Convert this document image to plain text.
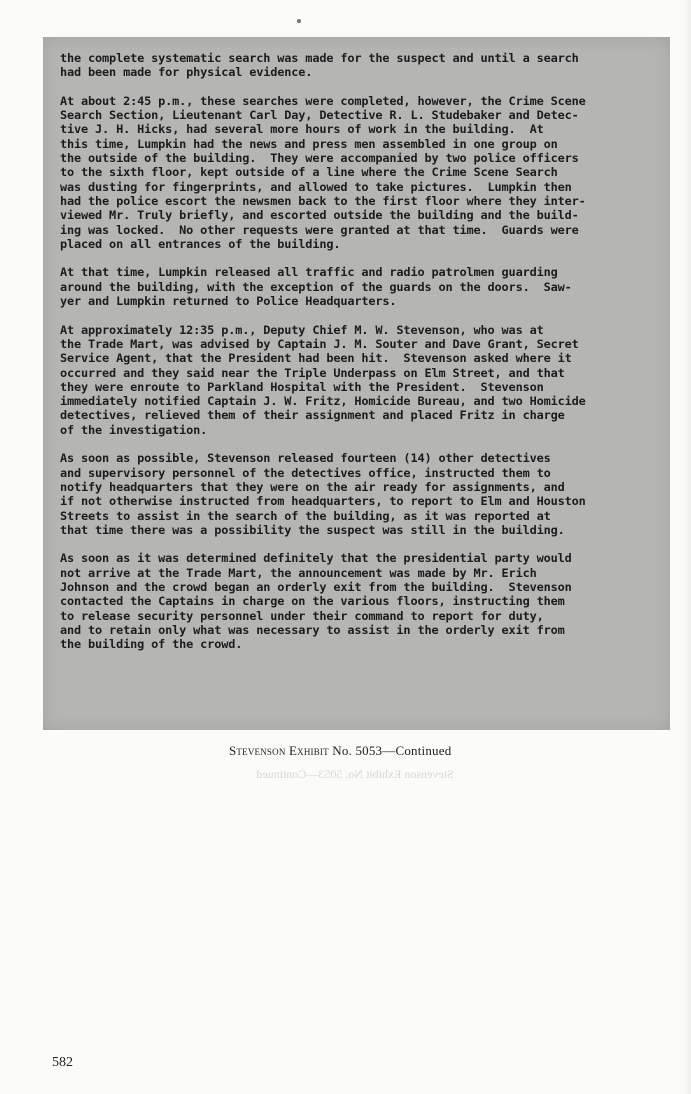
the complete systematic search was made for the suspect and until a search
had been made for physical evidence.
At about 2:45 p.m., these searches were completed, however, the Crime Scene
Search Section, Lieutenant Carl Day, Detective R. L. Studebaker and Detec-
tive J. H. Hicks, had several more hours of work in the building.  At
this time, Lumpkin had the news and press men assembled in one group on
the outside of the building.  They were accompanied by two police officers
to the sixth floor, kept outside of a line where the Crime Scene Search
was dusting for fingerprints, and allowed to take pictures.  Lumpkin then
had the police escort the newsmen back to the first floor where they inter-
viewed Mr. Truly briefly, and escorted outside the building and the build-
ing was locked.  No other requests were granted at that time.  Guards were
placed on all entrances of the building.
At that time, Lumpkin released all traffic and radio patrolmen guarding
around the building, with the exception of the guards on the doors.  Saw-
yer and Lumpkin returned to Police Headquarters.
At approximately 12:35 p.m., Deputy Chief M. W. Stevenson, who was at
the Trade Mart, was advised by Captain J. M. Souter and Dave Grant, Secret
Service Agent, that the President had been hit.  Stevenson asked where it
occurred and they said near the Triple Underpass on Elm Street, and that
they were enroute to Parkland Hospital with the President.  Stevenson
immediately notified Captain J. W. Fritz, Homicide Bureau, and two Homicide
detectives, relieved them of their assignment and placed Fritz in charge
of the investigation.
As soon as possible, Stevenson released fourteen (14) other detectives
and supervisory personnel of the detectives office, instructed them to
notify headquarters that they were on the air ready for assignments, and
if not otherwise instructed from headquarters, to report to Elm and Houston
Streets to assist in the search of the building, as it was reported at
that time there was a possibility the suspect was still in the building.
As soon as it was determined definitely that the presidential party would
not arrive at the Trade Mart, the announcement was made by Mr. Erich
Johnson and the crowd began an orderly exit from the building.  Stevenson
contacted the Captains in charge on the various floors, instructing them
to release security personnel under their command to report for duty,
and to retain only what was necessary to assist in the orderly exit from
the building of the crowd.
Stevenson Exhibit No. 5053—Continued
Stevenson Exhibit No. 5053—Continued
582
